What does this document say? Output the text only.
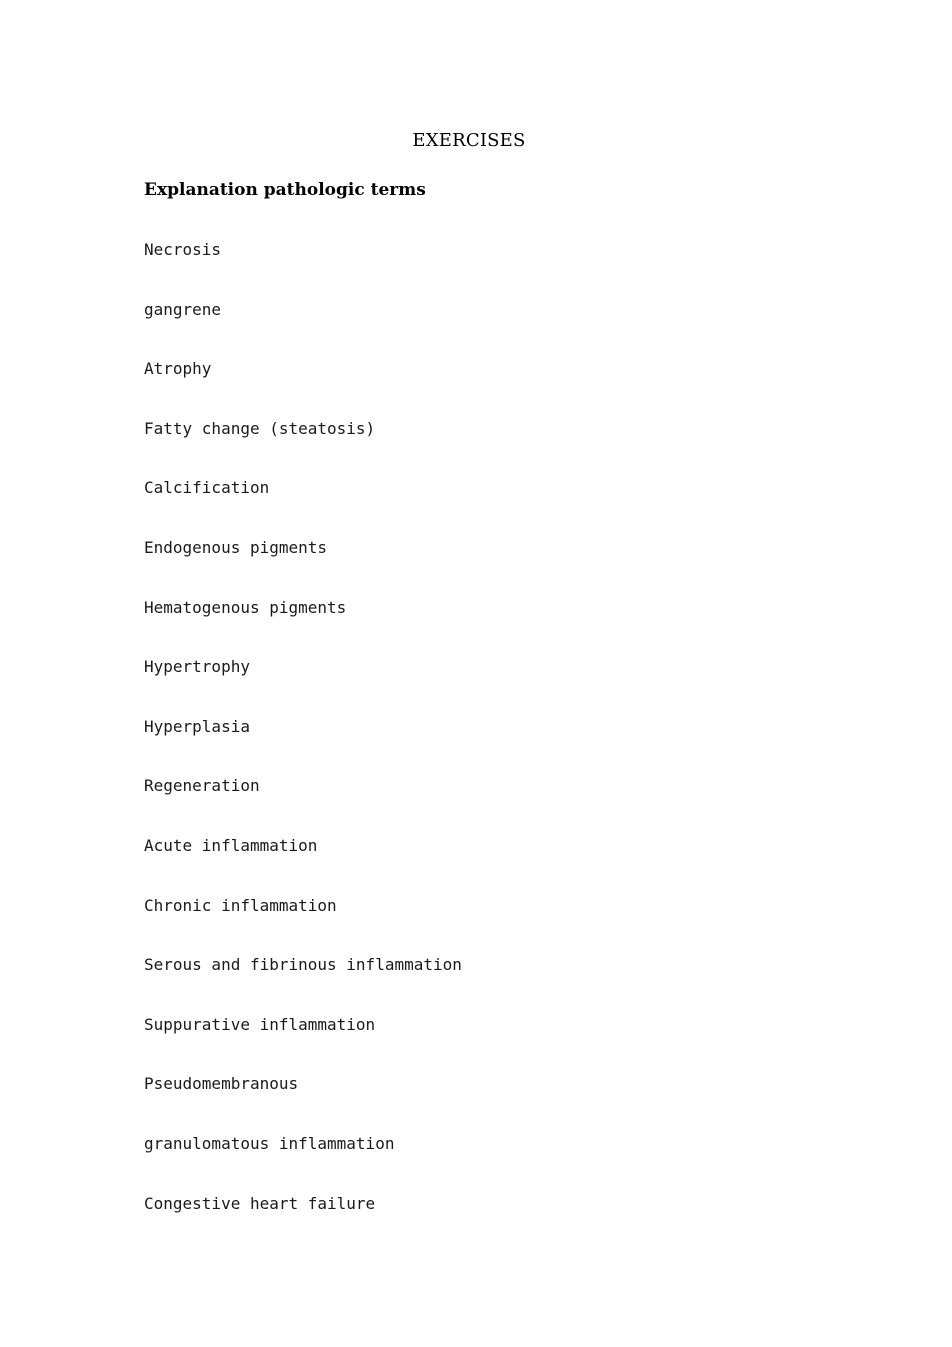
EXERCISES
Explanation pathologic terms
Necrosis
gangrene
Atrophy
Fatty change (steatosis)
Calcification
Endogenous pigments
Hematogenous pigments
Hypertrophy
Hyperplasia
Regeneration
Acute inflammation
Chronic inflammation
Serous and fibrinous inflammation
Suppurative inflammation
Pseudomembranous
granulomatous inflammation
Congestive heart failure
